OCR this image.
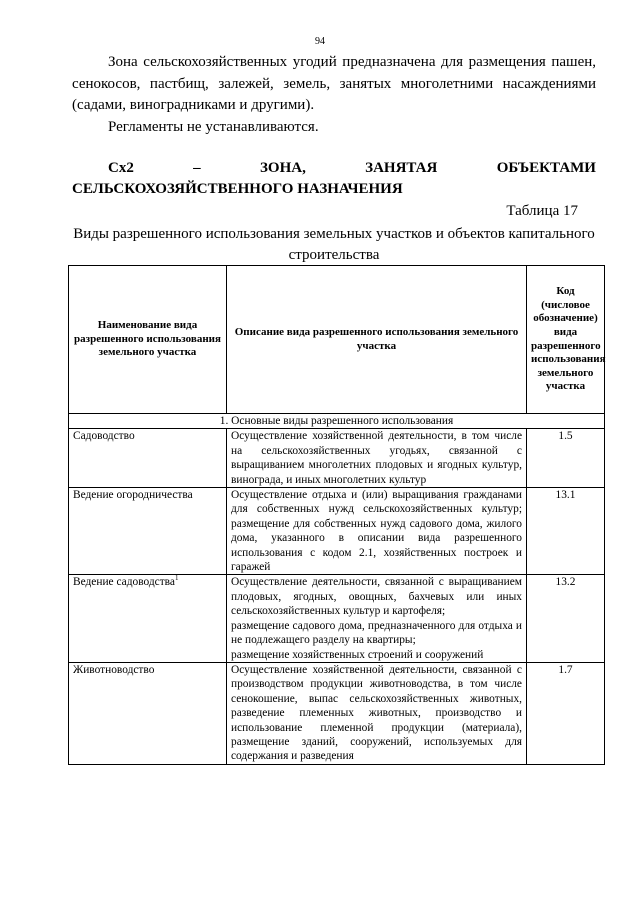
94

Зона сельскохозяйственных угодий предназначена для размещения пашен, сенокосов, пастбищ, залежей, земель, занятых многолетними насаждениями (садами, виноградниками и другими).

Регламенты не устанавливаются.

Сх2	–	ЗОНА,	ЗАНЯТАЯ	ОБЪЕКТАМИ
СЕЛЬСКОХОЗЯЙСТВЕННОГО НАЗНАЧЕНИЯ
Таблица 17
Виды разрешенного использования земельных участков и объектов капитального строительства
Наименование вида разрешенного использования земельного участка	Описание вида разрешенного использования земельного участка	Код (числовое обозначение) вида разрешенного использования земельного участка
1. Основные виды разрешенного использования		
Садоводство	Осуществление хозяйственной деятельности, в том числе на сельскохозяйственных угодьях, связанной с выращиванием многолетних плодовых и ягодных культур, винограда, и иных многолетних культур	1.5
Ведение огородничества	Осуществление отдыха и (или) выращивания гражданами для собственных нужд сельскохозяйственных культур; размещение для собственных нужд садового дома, жилого дома, указанного в описании вида разрешенного использования с кодом 2.1, хозяйственных построек и гаражей	13.1
Ведение садоводства$^1$	Осуществление деятельности, связанной с выращиванием плодовых, ягодных, овощных, бахчевых или иных сельскохозяйственных культур и картофеля;
размещение садового дома, предназначенного для отдыха и не подлежащего разделу на квартиры;
размещение хозяйственных строений и сооружений	13.2
Животноводство	Осуществление хозяйственной деятельности, связанной с производством продукции животноводства, в том числе сенокошение, выпас сельскохозяйственных животных, разведение племенных животных, производство и использование племенной продукции (материала), размещение зданий, сооружений, используемых для содержания и разведения	1.7
